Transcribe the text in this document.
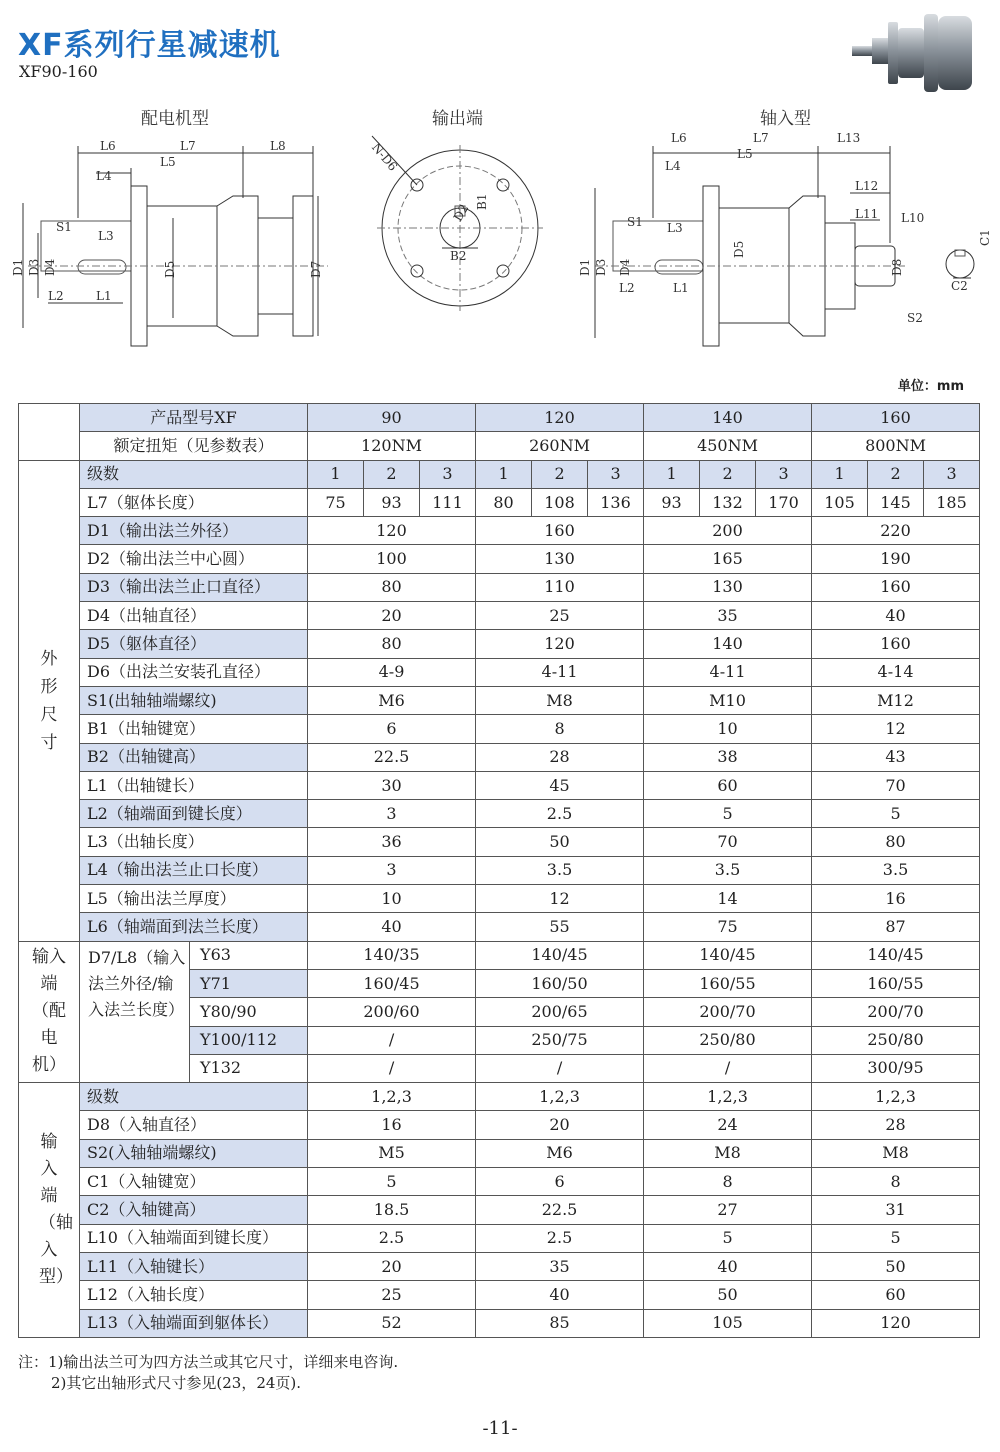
XF系列行星减速机
XF90-160
配电机型	输出端	轴入型
L6	L7	L8
L5
L4
S1
L3
D1 D3 D4	D5	D7
L2	L1
N-D6
D2 B1
B2
L6	L7	L13
L5
L4
L12
L11 L10
S1 L3
D1 D3 D4
D5
D8
L2	L1
S2
C1
C2
单位：mm
	产品型号XF		90			120			140			160		
	额定扭矩（见参数表）		120NM			260NM			450NM			800NM		

外形尺寸	级数		1	2	3	1	2	3	1	2	3	1	2	3
	L7（躯体长度）		75	93	111	80	108	136	93	132	170	105	145	185
	D1（输出法兰外径）		120			160			200			220		
	D2（输出法兰中心圆）		100			130			165			190		
	D3（输出法兰止口直径）		80			110			130			160		
	D4（出轴直径）		20			25			35			40		
	D5（躯体直径）		80			120			140			160		
	D6（出法兰安装孔直径）		4-9			4-11			4-11			4-14		
	S1(出轴轴端螺纹)		M6			M8			M10			M12		
	B1（出轴键宽）		6			8			10			12		
	B2（出轴键高）		22.5			28			38			43		
	L1（出轴键长）		30			45			60			70		
	L2（轴端面到键长度）		3			2.5			5			5		
	L3（出轴长度）		36			50			70			80		
	L4（输出法兰止口长度）		3			3.5			3.5			3.5		
	L5（输出法兰厚度）		10			12			14			16		
	L6（轴端面到法兰长度）		40			55			75			87		

输入端（配电机）	D7/L8（输入法兰外径/输入法兰长度）	Y63	140/35			140/45			140/45			140/45		
		Y71	160/45			160/50			160/55			160/55		
		Y80/90	200/60			200/65			200/70			200/70		
		Y100/112	/			250/75			250/80			250/80		
		Y132	/			/			/			300/95		

输入端（轴入型）	级数		1,2,3			1,2,3			1,2,3			1,2,3		
	D8（入轴直径）		16			20			24			28		
	S2(入轴轴端螺纹)		M5			M6			M8			M8		
	C1（入轴键宽）		5			6			8			8		
	C2（入轴键高）		18.5			22.5			27			31		
	L10（入轴端面到键长度）		2.5			2.5			5			5		
	L11（入轴键长）		20			35			40			50		
	L12（入轴长度）		25			40			50			60		
	L13（入轴端面到躯体长）		52			85			105			120		
注：1)输出法兰可为四方法兰或其它尺寸，详细来电咨询.
2)其它出轴形式尺寸参见(23，24页).
-11-
